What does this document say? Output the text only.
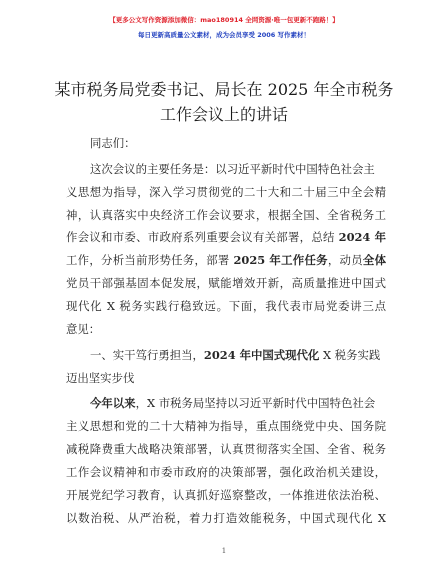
【更多公文写作资源添加微信：mao180914 全网资源·唯一包更新不跑路！】
每日更新高质量公文素材，成为会员享受 2006 写作素材！
某市税务局党委书记、局长在 2025 年全市税务
工作会议上的讲话
同志们：
这次会议的主要任务是：以习近平新时代中国特色社会主
义思想为指导，深入学习贯彻党的二十大和二十届三中全会精
神，认真落实中央经济工作会议要求，根据全国、全省税务工
作会议和市委、市政府系列重要会议有关部署，总结 2024 年
工作，分析当前形势任务，部署 2025 年工作任务，动员全体
党员干部强基固本促发展，赋能增效开新，高质量推进中国式
现代化 X 税务实践行稳致远。下面，我代表市局党委讲三点
意见：
一、实干笃行勇担当，2024 年中国式现代化 X 税务实践
迈出坚实步伐
今年以来，X 市税务局坚持以习近平新时代中国特色社会
主义思想和党的二十大精神为指导，重点围绕党中央、国务院
减税降费重大战略决策部署，认真贯彻落实全国、全省、税务
工作会议精神和市委市政府的决策部署，强化政治机关建设，
开展党纪学习教育，认真抓好巡察整改，一体推进依法治税、
以数治税、从严治税，着力打造效能税务，中国式现代化 X
1
